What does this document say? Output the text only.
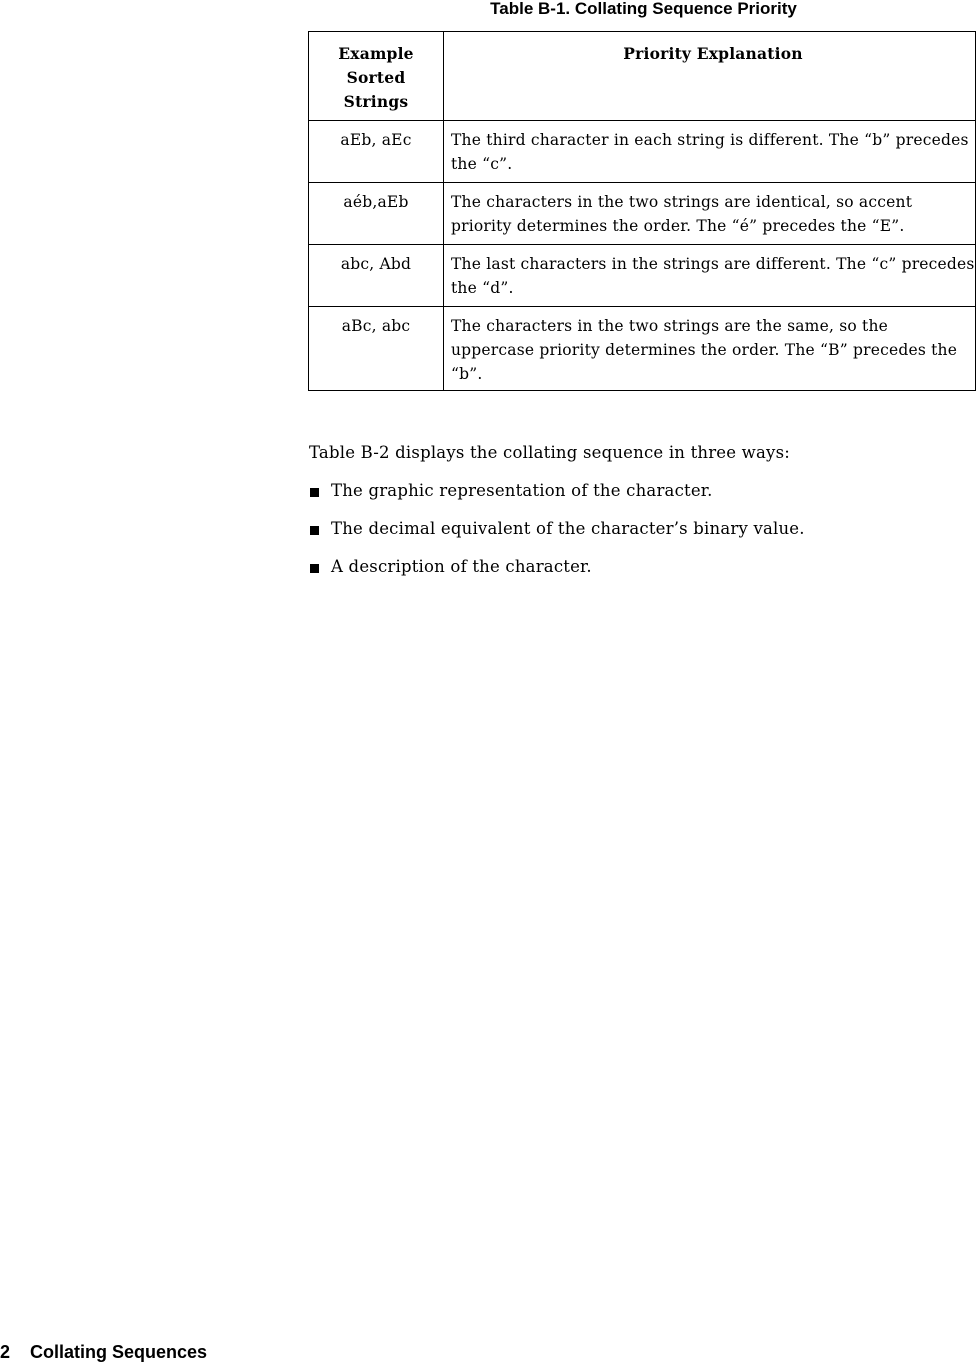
Table B-1. Collating Sequence Priority
Example
Sorted
Strings	Priority Explanation
aEb, aEc	The third character in each string is different. The “b” precedes the “c”.
aéb,aEb	The characters in the two strings are identical, so accent priority determines the order. The “é” precedes the “E”.
abc, Abd	The last characters in the strings are different. The “c” precedes the “d”.
aBc, abc	The characters in the two strings are the same, so the uppercase priority determines the order. The “B” precedes the “b”.

Table B-2 displays the collating sequence in three ways:

The graphic representation of the character.
The decimal equivalent of the character’s binary value.
A description of the character.
2 Collating Sequences
